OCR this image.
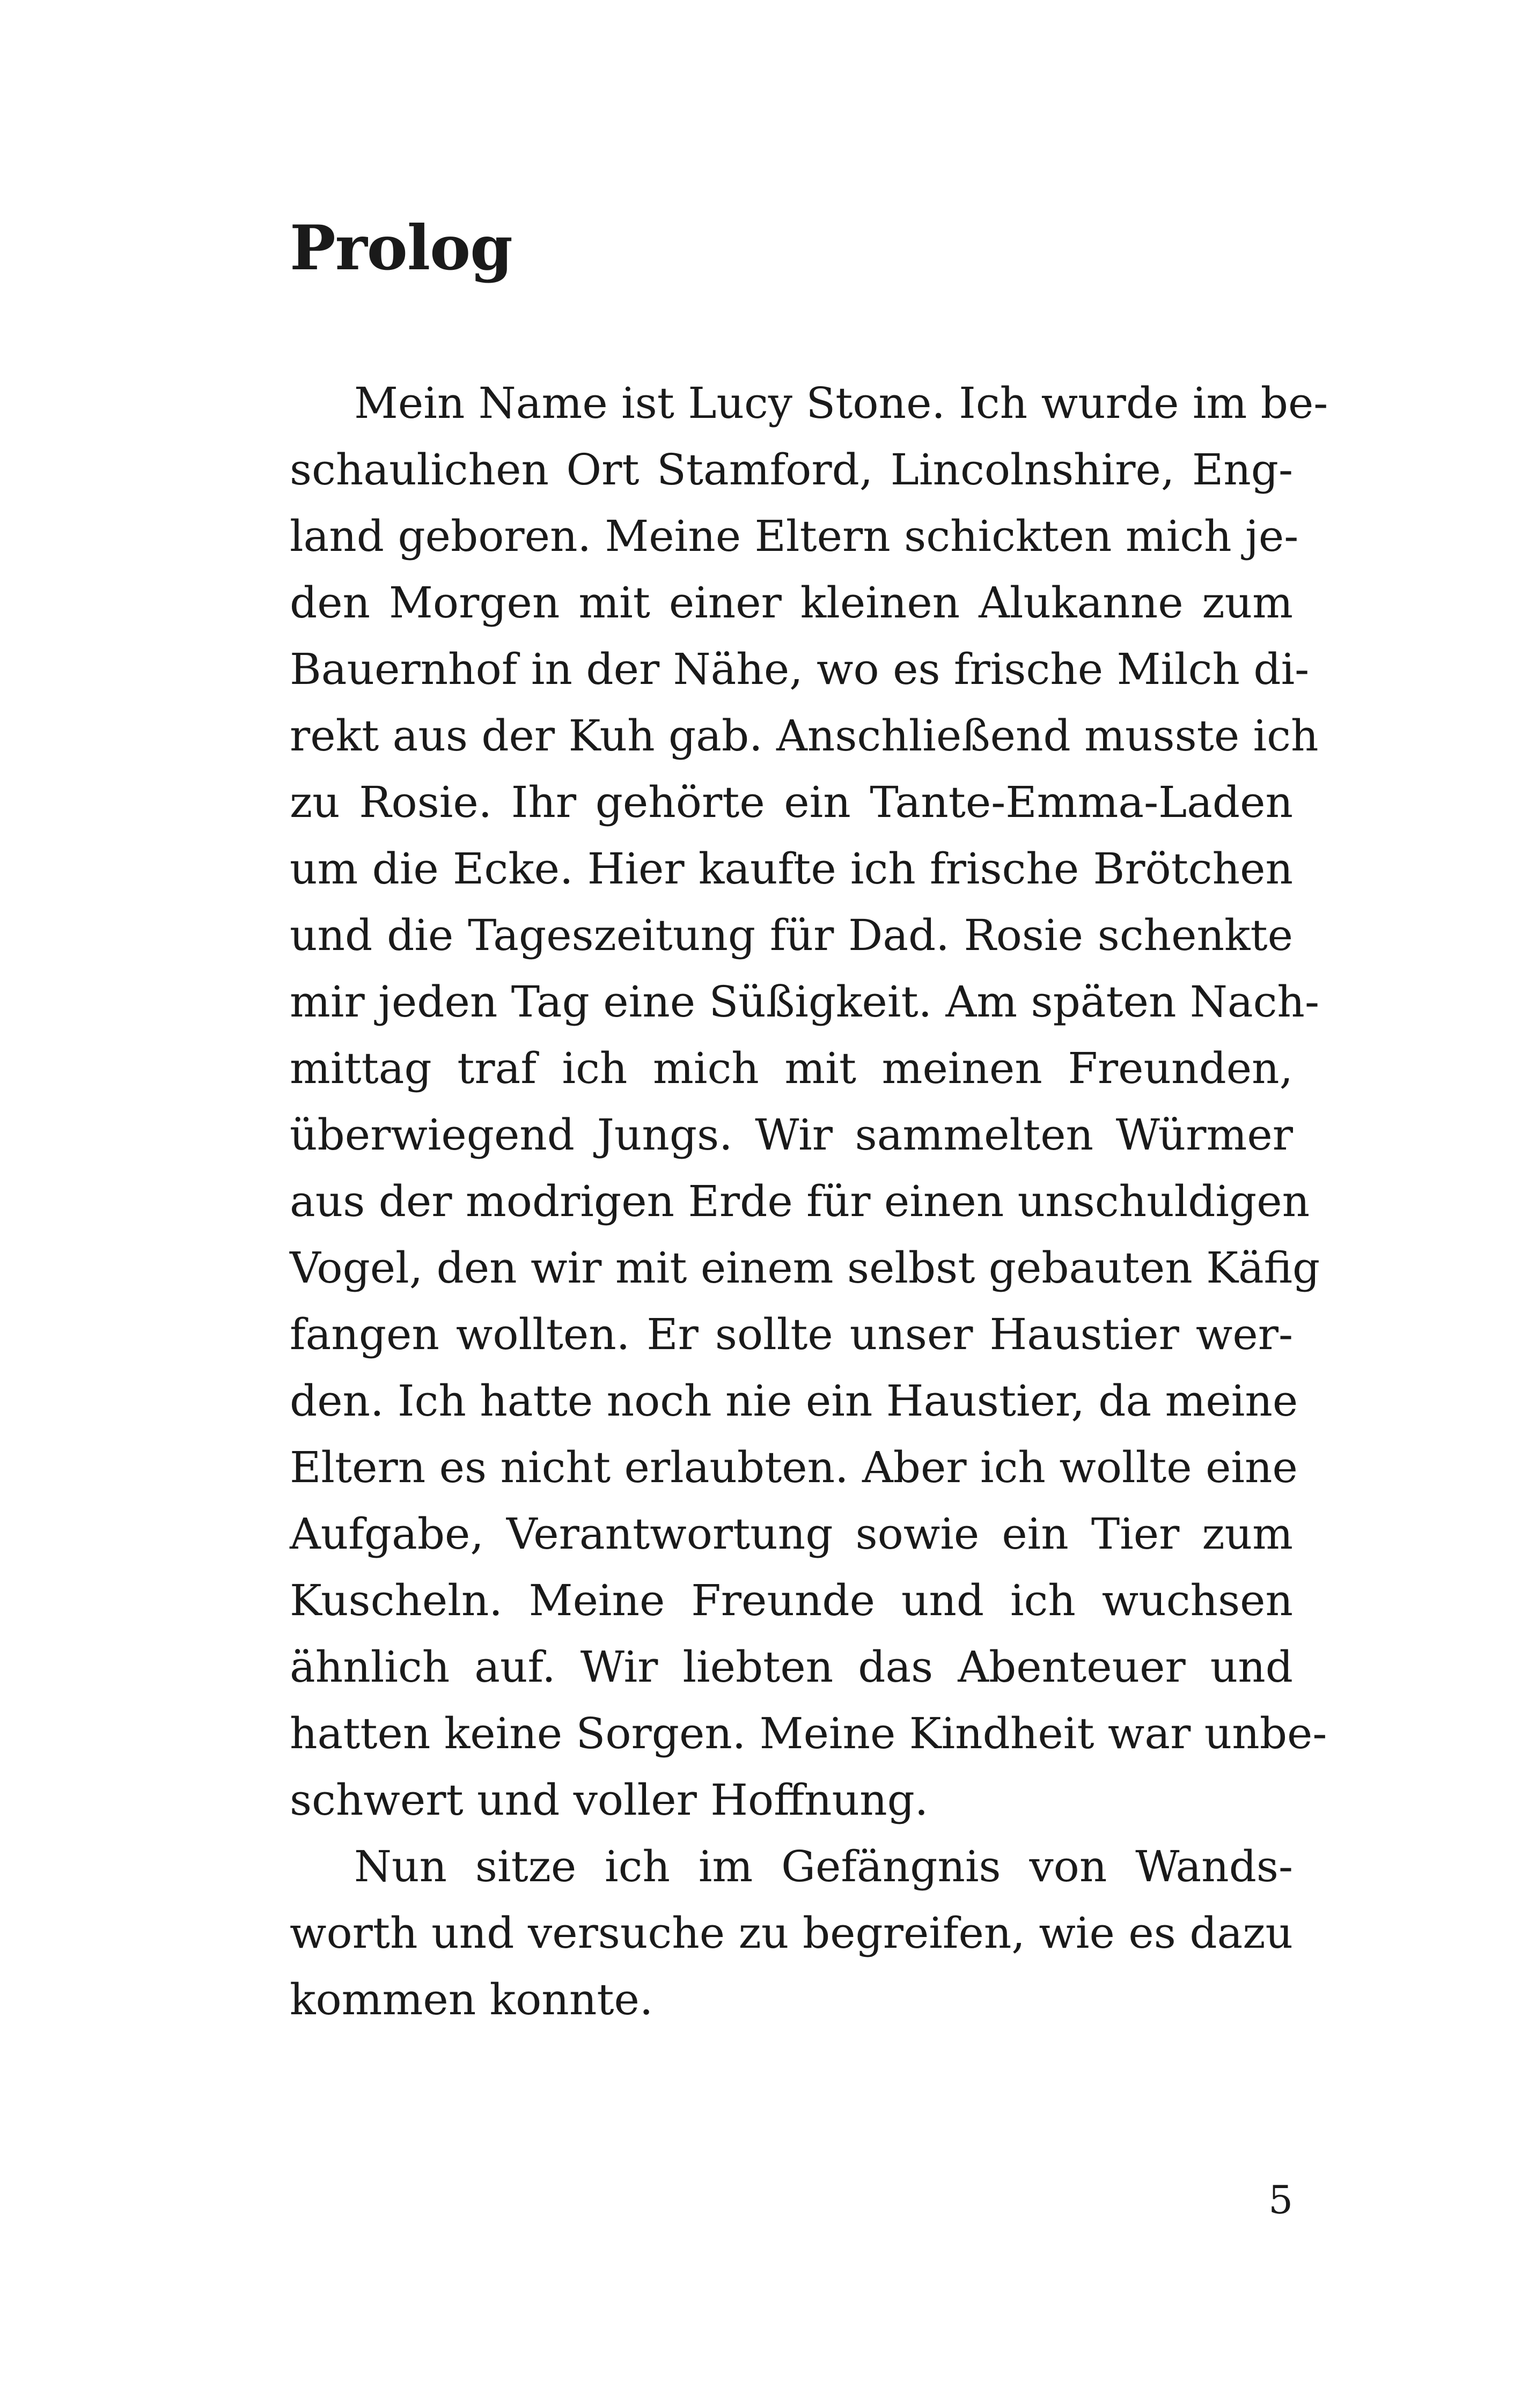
Prolog
Mein Name ist Lucy Stone. Ich wurde im be-
schaulichen Ort Stamford, Lincolnshire, Eng-
land geboren. Meine Eltern schickten mich je-
den Morgen mit einer kleinen Alukanne zum
Bauernhof in der Nähe, wo es frische Milch di-
rekt aus der Kuh gab. Anschließend musste ich
zu Rosie. Ihr gehörte ein Tante-Emma-Laden
um die Ecke. Hier kaufte ich frische Brötchen
und die Tageszeitung für Dad. Rosie schenkte
mir jeden Tag eine Süßigkeit. Am späten Nach-
mittag traf ich mich mit meinen Freunden,
überwiegend Jungs. Wir sammelten Würmer
aus der modrigen Erde für einen unschuldigen
Vogel, den wir mit einem selbst gebauten Käfig
fangen wollten. Er sollte unser Haustier wer-
den. Ich hatte noch nie ein Haustier, da meine
Eltern es nicht erlaubten. Aber ich wollte eine
Aufgabe, Verantwortung sowie ein Tier zum
Kuscheln. Meine Freunde und ich wuchsen
ähnlich auf. Wir liebten das Abenteuer und
hatten keine Sorgen. Meine Kindheit war unbe-
schwert und voller Hoffnung.
Nun sitze ich im Gefängnis von Wands-
worth und versuche zu begreifen, wie es dazu
kommen konnte.
5
